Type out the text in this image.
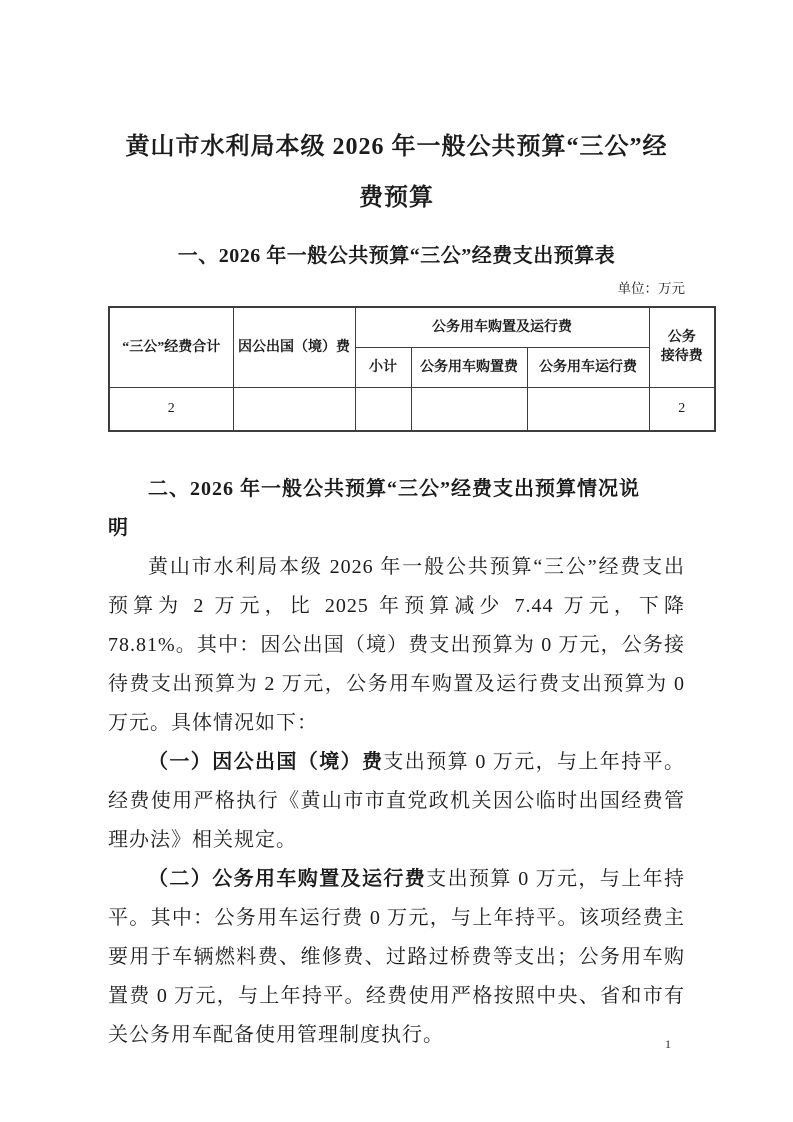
黄山市水利局本级 2026 年一般公共预算“三公”经
费预算
一、2026 年一般公共预算“三公”经费支出预算表
单位：万元
“三公”经费合计	因公出国（境）费	公务用车购置及运行费			公务
接待费

		小计	公务用车购置费	公务用车运行费	
2					2

二、2026 年一般公共预算“三公”经费支出预算情况说

明

黄山市水利局本级 2026 年一般公共预算“三公”经费支出预算为 2 万元，比 2025 年预算减少 7.44 万元，下降 78.81%。其中：因公出国（境）费支出预算为 0 万元，公务接待费支出预算为 2 万元，公务用车购置及运行费支出预算为 0 万元。具体情况如下：

（一）因公出国（境）费支出预算 0 万元，与上年持平。经费使用严格执行《黄山市市直党政机关因公临时出国经费管理办法》相关规定。

（二）公务用车购置及运行费支出预算 0 万元，与上年持平。其中：公务用车运行费 0 万元，与上年持平。该项经费主要用于车辆燃料费、维修费、过路过桥费等支出；公务用车购置费 0 万元，与上年持平。经费使用严格按照中央、省和市有关公务用车配备使用管理制度执行。	1
